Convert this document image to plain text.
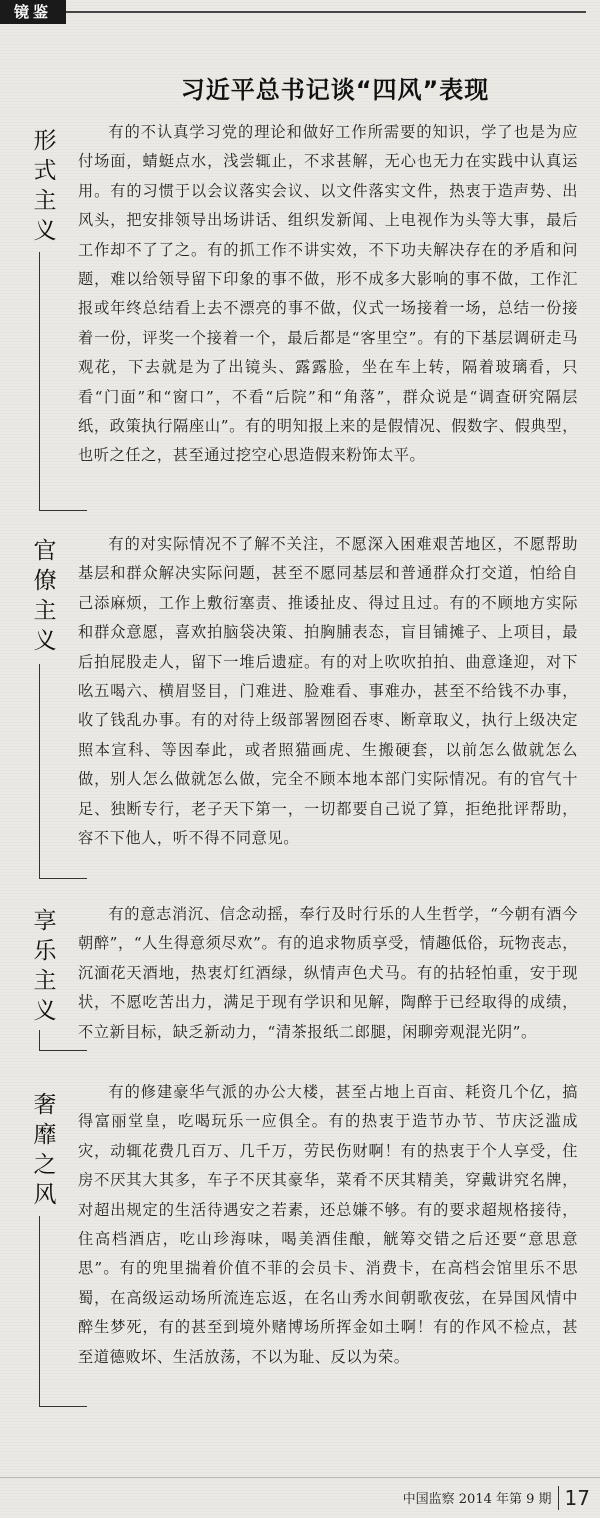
镜鉴
习近平总书记谈“四风”表现
形式主义

有的不认真学习党的理论和做好工作所需要的知识，学了也是为应付场面，蜻蜓点水，浅尝辄止，不求甚解，无心也无力在实践中认真运用。有的习惯于以会议落实会议、以文件落实文件，热衷于造声势、出风头，把安排领导出场讲话、组织发新闻、上电视作为头等大事，最后工作却不了了之。有的抓工作不讲实效，不下功夫解决存在的矛盾和问题，难以给领导留下印象的事不做，形不成多大影响的事不做，工作汇报或年终总结看上去不漂亮的事不做，仪式一场接着一场，总结一份接着一份，评奖一个接着一个，最后都是“客里空”。有的下基层调研走马观花，下去就是为了出镜头、露露脸，坐在车上转，隔着玻璃看，只看“门面”和“窗口”，不看“后院”和“角落”，群众说是“调查研究隔层纸，政策执行隔座山”。有的明知报上来的是假情况、假数字、假典型，也听之任之，甚至通过挖空心思造假来粉饰太平。

官僚主义

有的对实际情况不了解不关注，不愿深入困难艰苦地区，不愿帮助基层和群众解决实际问题，甚至不愿同基层和普通群众打交道，怕给自己添麻烦，工作上敷衍塞责、推诿扯皮、得过且过。有的不顾地方实际和群众意愿，喜欢拍脑袋决策、拍胸脯表态，盲目铺摊子、上项目，最后拍屁股走人，留下一堆后遗症。有的对上吹吹拍拍、曲意逢迎，对下吆五喝六、横眉竖目，门难进、脸难看、事难办，甚至不给钱不办事，收了钱乱办事。有的对待上级部署囫囵吞枣、断章取义，执行上级决定照本宣科、等因奉此，或者照猫画虎、生搬硬套，以前怎么做就怎么做，别人怎么做就怎么做，完全不顾本地本部门实际情况。有的官气十足、独断专行，老子天下第一，一切都要自己说了算，拒绝批评帮助，容不下他人，听不得不同意见。

享乐主义

有的意志消沉、信念动摇，奉行及时行乐的人生哲学，“今朝有酒今朝醉”，“人生得意须尽欢”。有的追求物质享受，情趣低俗，玩物丧志，沉湎花天酒地，热衷灯红酒绿，纵情声色犬马。有的拈轻怕重，安于现状，不愿吃苦出力，满足于现有学识和见解，陶醉于已经取得的成绩，不立新目标，缺乏新动力，“清茶报纸二郎腿，闲聊旁观混光阴”。

奢靡之风

有的修建豪华气派的办公大楼，甚至占地上百亩、耗资几个亿，搞得富丽堂皇，吃喝玩乐一应俱全。有的热衷于造节办节、节庆泛滥成灾，动辄花费几百万、几千万，劳民伤财啊！有的热衷于个人享受，住房不厌其大其多，车子不厌其豪华，菜肴不厌其精美，穿戴讲究名牌，对超出规定的生活待遇安之若素，还总嫌不够。有的要求超规格接待，住高档酒店，吃山珍海味，喝美酒佳酿，觥筹交错之后还要“意思意思”。有的兜里揣着价值不菲的会员卡、消费卡，在高档会馆里乐不思蜀，在高级运动场所流连忘返，在名山秀水间朝歌夜弦，在异国风情中醉生梦死，有的甚至到境外赌博场所挥金如土啊！有的作风不检点，甚至道德败坏、生活放荡，不以为耻、反以为荣。

中国监察 2014 年第 9 期 17
